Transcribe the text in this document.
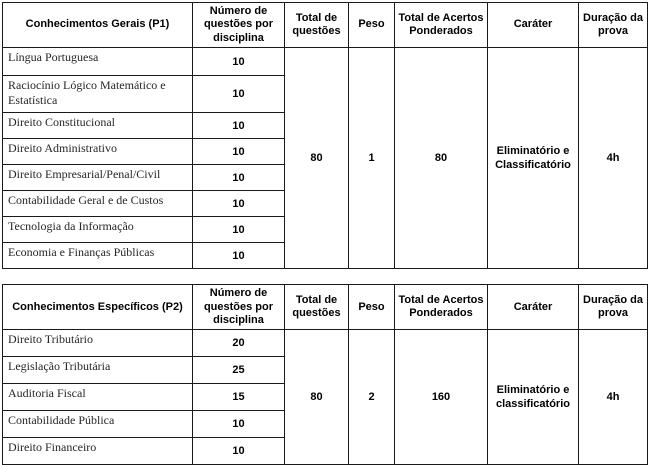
Conhecimentos Gerais (P1)	Número de questões por disciplina	Total de questões	Peso	Total de Acertos Ponderados	Caráter	Duração da prova
Língua Portuguesa	10	80	1	80	Eliminatório e Classificatório	4h
Raciocínio Lógico Matemático e Estatística	10					
Direito Constitucional	10					
Direito Administrativo	10					
Direito Empresarial/Penal/Civil	10					
Contabilidade Geral e de Custos	10					
Tecnologia da Informação	10					
Economia e Finanças Públicas	10					
Conhecimentos Específicos (P2)	Número de questões por disciplina	Total de questões	Peso	Total de Acertos Ponderados	Caráter	Duração da prova
Direito Tributário	20	80	2	160	Eliminatório e classificatório	4h
Legislação Tributária	25					
Auditoria Fiscal	15					
Contabilidade Pública	10					
Direito Financeiro	10					
